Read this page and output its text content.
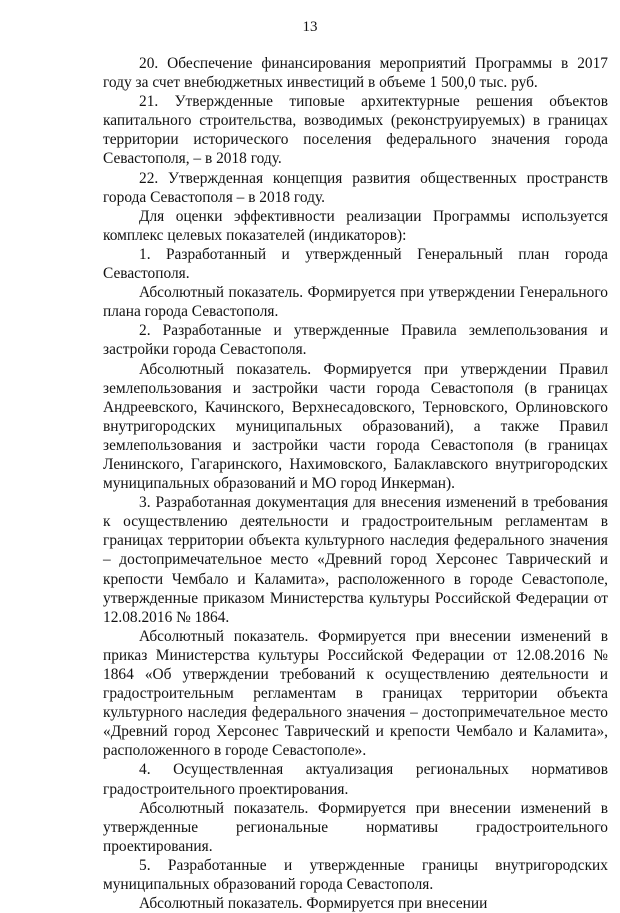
13

20. Обеспечение финансирования мероприятий Программы в 2017 году за счет внебюджетных инвестиций в объеме 1 500,0 тыс. руб.

21. Утвержденные типовые архитектурные решения объектов капитального строительства, возводимых (реконструируемых) в границах территории исторического поселения федерального значения города Севастополя, – в 2018 году.

22. Утвержденная концепция развития общественных пространств города Севастополя – в 2018 году.

Для оценки эффективности реализации Программы используется комплекс целевых показателей (индикаторов):

1. Разработанный и утвержденный Генеральный план города Севастополя.

Абсолютный показатель. Формируется при утверждении Генерального плана города Севастополя.

2. Разработанные и утвержденные Правила землепользования и застройки города Севастополя.

Абсолютный показатель. Формируется при утверждении Правил землепользования и застройки части города Севастополя (в границах Андреевского, Качинского, Верхнесадовского, Терновского, Орлиновского внутригородских муниципальных образований), а также Правил землепользования и застройки части города Севастополя (в границах Ленинского, Гагаринского, Нахимовского, Балаклавского внутригородских муниципальных образований и МО город Инкерман).

3. Разработанная документация для внесения изменений в требования к осуществлению деятельности и градостроительным регламентам в границах территории объекта культурного наследия федерального значения – достопримечательное место «Древний город Херсонес Таврический и крепости Чембало и Каламита», расположенного в городе Севастополе, утвержденные приказом Министерства культуры Российской Федерации от 12.08.2016 № 1864.

Абсолютный показатель. Формируется при внесении изменений в приказ Министерства культуры Российской Федерации от 12.08.2016 № 1864 «Об утверждении требований к осуществлению деятельности и градостроительным регламентам в границах территории объекта культурного наследия федерального значения – достопримечательное место «Древний город Херсонес Таврический и крепости Чембало и Каламита», расположенного в городе Севастополе».

4. Осуществленная актуализация региональных нормативов градостроительного проектирования.

Абсолютный показатель. Формируется при внесении изменений в утвержденные региональные нормативы градостроительного проектирования.

5. Разработанные и утвержденные границы внутригородских муниципальных образований города Севастополя.

Абсолютный показатель. Формируется при внесении
